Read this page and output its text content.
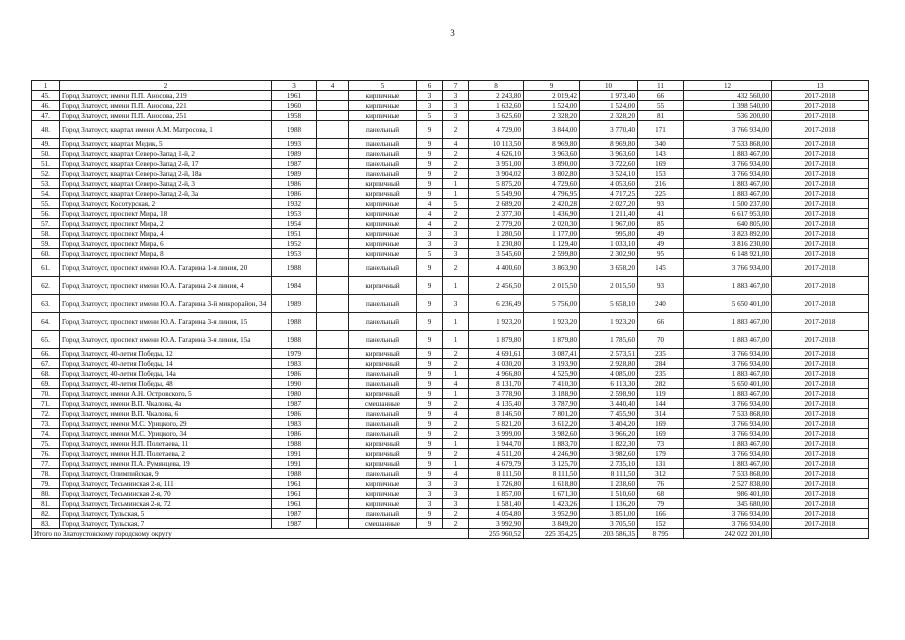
3
1	2	3	4	5	6	7	8	9	10	11	12	13
45.	Город Златоуст, имени П.П. Аносова, 219	1961		кирпичные	3	3	2 243,80	2 019,42	1 973,40	66	432 560,00	2017-2018
46.	Город Златоуст, имени П.П. Аносова, 221	1960		кирпичные	3	3	1 632,60	1 524,00	1 524,00	55	1 398 540,00	2017-2018
47.	Город Златоуст, имени П.П. Аносова, 251	1958		кирпичные	5	3	3 625,60	2 328,20	2 328,20	81	536 200,00	2017-2018
48.	Город Златоуст, квартал имени А.М. Матросова, 1	1988		панельный	9	2	4 729,00	3 844,00	3 770,40	171	3 766 934,00	2017-2018
49.	Город Златоуст, квартал Медик, 5	1993		панельный	9	4	10 113,50	8 969,80	8 969,80	340	7 533 868,00	2017-2018
50.	Город Златоуст, квартал Северо-Запад 1-й, 2	1989		панельный	9	2	4 626,10	3 963,60	3 963,60	143	1 883 467,00	2017-2018
51.	Город Златоуст, квартал Северо-Запад 2-й, 17	1987		панельный	9	2	3 951,00	3 890,00	3 722,60	169	3 766 934,00	2017-2018
52.	Город Златоуст, квартал Северо-Запад 2-й, 18а	1989		панельный	9	2	3 904,02	3 802,80	3 524,10	153	3 766 934,00	2017-2018
53.	Город Златоуст, квартал Северо-Запад 2-й, 3	1986		кирпичный	9	1	5 875,20	4 729,60	4 053,60	216	1 883 467,00	2017-2018
54.	Город Златоуст, квартал Северо-Запад 2-й, 3а	1986		кирпичный	9	1	5 549,90	4 796,95	4 717,25	225	1 883 467,00	2017-2018
55.	Город Златоуст, Косотурская, 2	1932		кирпичные	4	5	2 689,20	2 420,28	2 027,20	93	1 500 237,00	2017-2018
56.	Город Златоуст, проспект Мира, 18	1953		кирпичные	4	2	2 377,30	1 436,90	1 211,40	41	6 617 953,00	2017-2018
57.	Город Златоуст, проспект Мира, 2	1954		кирпичные	4	2	2 779,20	2 020,30	1 967,00	85	640 805,00	2017-2018
58.	Город Златоуст, проспект Мира, 4	1951		кирпичные	3	3	1 280,50	1 177,00	995,80	49	3 823 892,00	2017-2018
59.	Город Златоуст, проспект Мира, 6	1952		кирпичные	3	3	1 230,80	1 129,40	1 033,10	49	3 816 230,00	2017-2018
60.	Город Златоуст, проспект Мира, 8	1953		кирпичные	5	3	3 545,60	2 599,80	2 302,90	95	6 148 921,00	2017-2018
61.	Город Златоуст, проспект имени Ю.А. Гагарина 1-я линия, 20	1988		панельный	9	2	4 400,60	3 863,90	3 658,20	145	3 766 934,00	2017-2018
62.	Город Златоуст, проспект имени Ю.А. Гагарина 2-я линия, 4	1984		кирпичный	9	1	2 456,50	2 015,50	2 015,50	93	1 883 467,00	2017-2018
63.	Город Златоуст, проспект имени Ю.А. Гагарина 3-й микрорайон, 34	1989		панельный	9	3	6 236,49	5 756,00	5 658,10	240	5 650 401,00	2017-2018
64.	Город Златоуст, проспект имени Ю.А. Гагарина 3-я линия, 15	1988		панельный	9	1	1 923,20	1 923,20	1 923,20	66	1 883 467,00	2017-2018
65.	Город Златоуст, проспект имени Ю.А. Гагарина 3-я линия, 15а	1988		панельный	9	1	1 879,80	1 879,80	1 785,60	70	1 883 467,00	2017-2018
66.	Город Златоуст, 40-летия Победы, 12	1979		кирпичный	9	2	4 691,61	3 087,41	2 573,51	235	3 766 934,00	2017-2018
67.	Город Златоуст, 40-летия Победы, 14	1983		кирпичный	9	2	4 030,20	3 193,90	2 928,80	284	3 766 934,00	2017-2018
68.	Город Златоуст, 40-летия Победы, 14а	1986		панельный	9	1	4 966,80	4 525,90	4 085,00	235	1 883 467,00	2017-2018
69.	Город Златоуст, 40-летия Победы, 48	1990		панельный	9	4	8 131,70	7 410,30	6 113,30	282	5 650 401,00	2017-2018
70.	Город Златоуст, имени А.Н. Островского, 5	1980		кирпичный	9	1	3 778,90	3 188,90	2 598,90	119	1 883 467,00	2017-2018
71.	Город Златоуст, имени В.П. Чкалова, 4а	1987		смешанные	9	2	4 135,40	3 787,90	3 440,40	144	3 766 934,00	2017-2018
72.	Город Златоуст, имени В.П. Чкалова, 6	1986		панельный	9	4	8 146,50	7 801,20	7 455,90	314	7 533 868,00	2017-2018
73.	Город Златоуст, имени М.С. Урицкого, 29	1983		панельный	9	2	5 821,20	3 612,20	3 404,20	169	3 766 934,00	2017-2018
74.	Город Златоуст, имени М.С. Урицкого, 34	1986		панельный	9	2	3 999,00	3 982,60	3 966,20	169	3 766 934,00	2017-2018
75.	Город Златоуст, имени Н.П. Полетаева, 11	1988		кирпичный	9	1	1 944,70	1 883,70	1 822,30	73	1 883 467,00	2017-2018
76.	Город Златоуст, имени Н.П. Полетаева, 2	1991		кирпичный	9	2	4 511,20	4 246,90	3 982,60	179	3 766 934,00	2017-2018
77.	Город Златоуст, имени П.А. Румянцева, 19	1991		кирпичный	9	1	4 679,79	3 125,70	2 735,10	131	1 883 467,00	2017-2018
78.	Город Златоуст, Олимпийская, 9	1988		панельный	9	4	8 111,50	8 111,50	8 111,50	312	7 533 868,00	2017-2018
79.	Город Златоуст, Тесьминская 2-я, 111	1961		кирпичные	3	3	1 726,80	1 618,80	1 238,60	76	2 527 838,00	2017-2018
80.	Город Златоуст, Тесьминская 2-я, 70	1961		кирпичные	3	3	1 857,00	1 671,30	1 510,60	68	986 401,00	2017-2018
81.	Город Златоуст, Тесьминская 2-я, 72	1961		кирпичные	3	3	1 581,40	1 423,26	1 136,20	79	345 680,00	2017-2018
82.	Город Златоуст, Тульская, 5	1987		панельный	9	2	4 054,80	3 952,90	3 851,00	166	3 766 934,00	2017-2018
83.	Город Златоуст, Тульская, 7	1987		смешанные	9	2	3 992,90	3 849,20	3 705,50	152	3 766 934,00	2017-2018
Итого по Златоустовскому городскому округу							255 960,52	225 354,25	203 586,35	8 795	242 022 201,00	
